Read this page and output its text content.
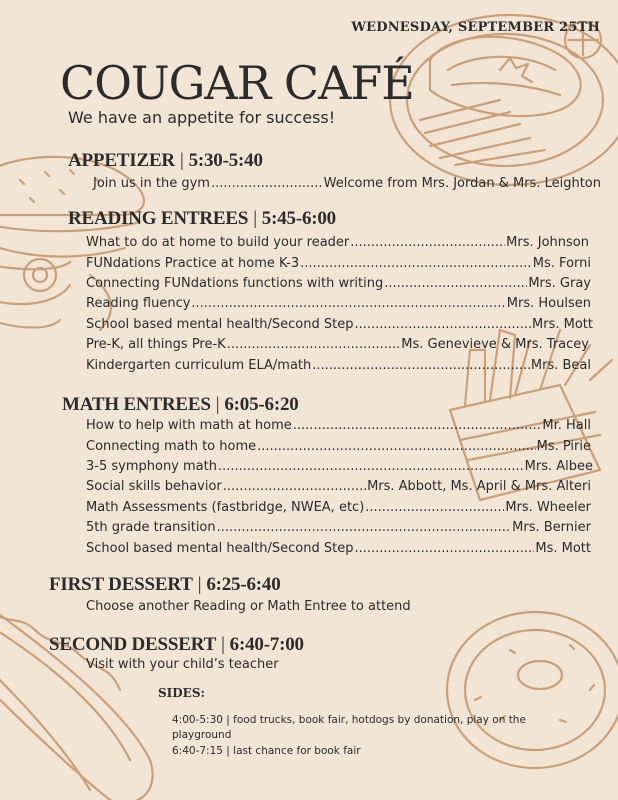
WEDNESDAY, SEPTEMBER 25TH
COUGAR CAFÉ
We have an appetite for success!
APPETIZER | 5:30-5:40
Join us in the gym .....	Welcome from Mrs. Jordan & Mrs. Leighton
READING ENTREES | 5:45-6:00
What to do at home to build your reader .....	Mrs. Johnson
FUNdations Practice at home K-3 .....	Ms. Forni
Connecting FUNdations functions with writing .....	Mrs. Gray
Reading fluency .....	Mrs. Houlsen
School based mental health/Second Step .....	Mrs. Mott
Pre-K, all things Pre-K .....	Ms. Genevieve & Mrs. Tracey
Kindergarten curriculum ELA/math .....	Mrs. Beal
MATH ENTREES | 6:05-6:20
How to help with math at home .....	Mr. Hall
Connecting math to home .....	Ms. Pirie
3-5 symphony math .....	Mrs. Albee
Social skills behavior .....	Mrs. Abbott, Ms. April & Mrs. Alteri
Math Assessments (fastbridge, NWEA, etc) .....	Mrs. Wheeler
5th grade transition .....	Mrs. Bernier
School based mental health/Second Step .....	Ms. Mott
FIRST DESSERT | 6:25-6:40
Choose another Reading or Math Entree to attend
SECOND DESSERT | 6:40-7:00
Visit with your child’s teacher
SIDES:
4:00-5:30 | food trucks, book fair, hotdogs by donation, play on the
playground
6:40-7:15 | last chance for book fair
